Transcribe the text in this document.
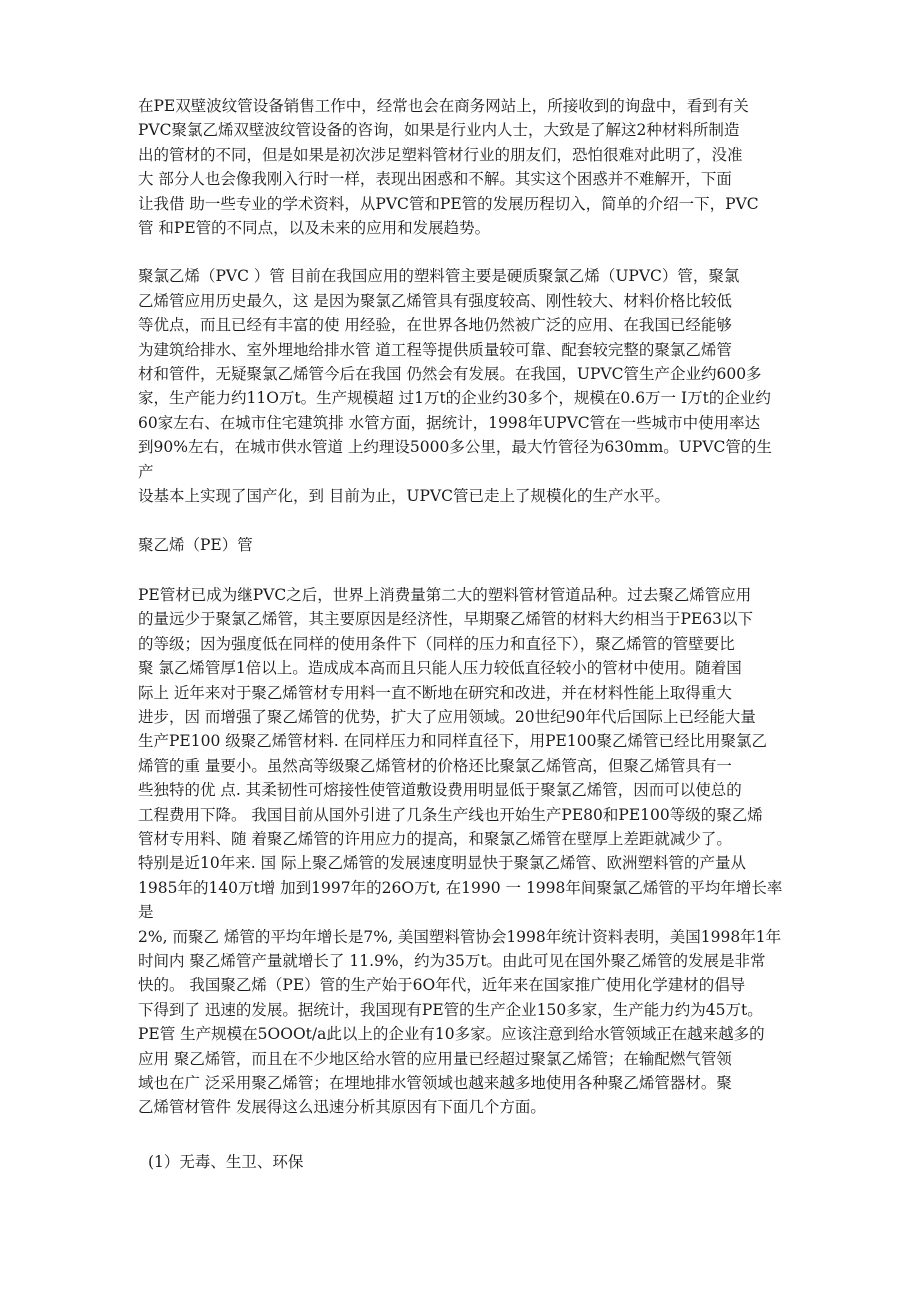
在PE双壁波纹管设备销售工作中，经常也会在商务网站上，所接收到的询盘中，看到有关
PVC聚氯乙烯双壁波纹管设备的咨询，如果是行业内人士，大致是了解这2种材料所制造
出的管材的不同，但是如果是初次涉足塑料管材行业的朋友们，恐怕很难对此明了，没准
大 部分人也会像我刚入行时一样，表现出困惑和不解。其实这个困惑并不难解开，下面
让我借 助一些专业的学术资料，从PVC管和PE管的发展历程切入，简单的介绍一下，PVC
管 和PE管的不同点，以及未来的应用和发展趋势。

聚氯乙烯（PVC ）管 目前在我国应用的塑料管主要是硬质聚氯乙烯（UPVC）管，聚氯
乙烯管应用历史最久，这 是因为聚氯乙烯管具有强度较高、刚性较大、材料价格比较低
等优点，而且已经有丰富的使 用经验，在世界各地仍然被广泛的应用、在我国已经能够
为建筑给排水、室外埋地给排水管 道工程等提供质量较可靠、配套较完整的聚氯乙烯管
材和管件，无疑聚氯乙烯管今后在我国 仍然会有发展。在我国，UPVC管生产企业约600多
家，生产能力约11O万t。生产规模超 过1万t的企业约30多个，规模在0.6万一 I万t的企业约
60家左右、在城市住宅建筑排 水管方面，据统计，1998年UPVC管在一些城市中使用率达
到90%左右，在城市供水管道 上约理设5000多公里，最大竹管径为630mm。UPVC管的生产
设基本上实现了国产化，到 目前为止，UPVC管已走上了规模化的生产水平。

聚乙烯（PE）管

PE管材已成为继PVC之后，世界上消费量第二大的塑料管材管道品种。过去聚乙烯管应用
的量远少于聚氯乙烯管，其主要原因是经济性，早期聚乙烯管的材料大约相当于PE63以下
的等级；因为强度低在同样的使用条件下（同样的压力和直径下），聚乙烯管的管壁要比
聚 氯乙烯管厚1倍以上。造成成本高而且只能人压力较低直径较小的管材中使用。随着国
际上 近年来对于聚乙烯管材专用料一直不断地在研究和改进，并在材料性能上取得重大
进步，因 而增强了聚乙烯管的优势，扩大了应用领域。20世纪90年代后国际上已经能大量
生产PE100 级聚乙烯管材料. 在同样压力和同样直径下，用PE100聚乙烯管已经比用聚氯乙
烯管的重 量要小。虽然高等级聚乙烯管材的价格还比聚氯乙烯管高，但聚乙烯管具有一
些独特的优 点. 其柔韧性可熔接性使管道敷设费用明显低于聚氯乙烯管，因而可以使总的
工程费用下降。 我国目前从国外引进了几条生产线也开始生产PE80和PE100等级的聚乙烯
管材专用料、随 着聚乙烯管的许用应力的提高，和聚氯乙烯管在壁厚上差距就减少了。
特别是近10年来. 国 际上聚乙烯管的发展速度明显快于聚氯乙烯管、欧洲塑料管的产量从
1985年的140万t增 加到1997年的26O万t, 在1990 一 1998年间聚氯乙烯管的平均年增长率是
2%, 而聚乙 烯管的平均年增长是7%, 美国塑料管协会1998年统计资料表明，美国1998年1年
时间内 聚乙烯管产量就增长了 11.9%，约为35万t。由此可见在国外聚乙烯管的发展是非常
快的。 我国聚乙烯（PE）管的生产始于6O年代，近年来在国家推广使用化学建材的倡导
下得到了 迅速的发展。据统计，我国现有PE管的生产企业150多家，生产能力约为45万t。
PE管 生产规模在5OOOt/a此以上的企业有10多家。应该注意到给水管领域正在越来越多的
应用 聚乙烯管，而且在不少地区给水管的应用量已经超过聚氯乙烯管；在输配燃气管领
域也在广 泛采用聚乙烯管；在埋地排水管领域也越来越多地使用各种聚乙烯管器材。聚
乙烯管材管件 发展得这么迅速分析其原因有下面几个方面。

(1）无毒、生卫、环保
